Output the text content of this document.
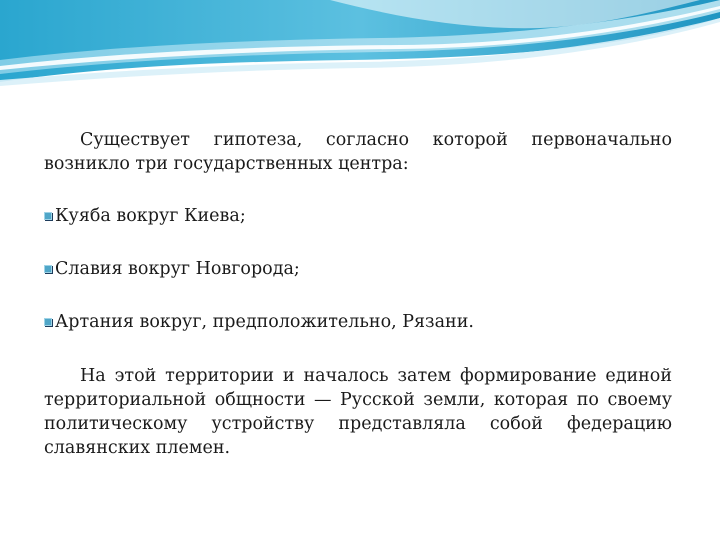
Существует гипотеза, согласно которой первоначально возникло три государственных центра:

Куяба вокруг Киева;
Славия вокруг Новгорода;
Артания вокруг, предположительно, Рязани.

На этой территории и началось затем формирование единой территориальной общности — Русской земли, которая по своему политическому устройству представляла собой федерацию славянских племен.
